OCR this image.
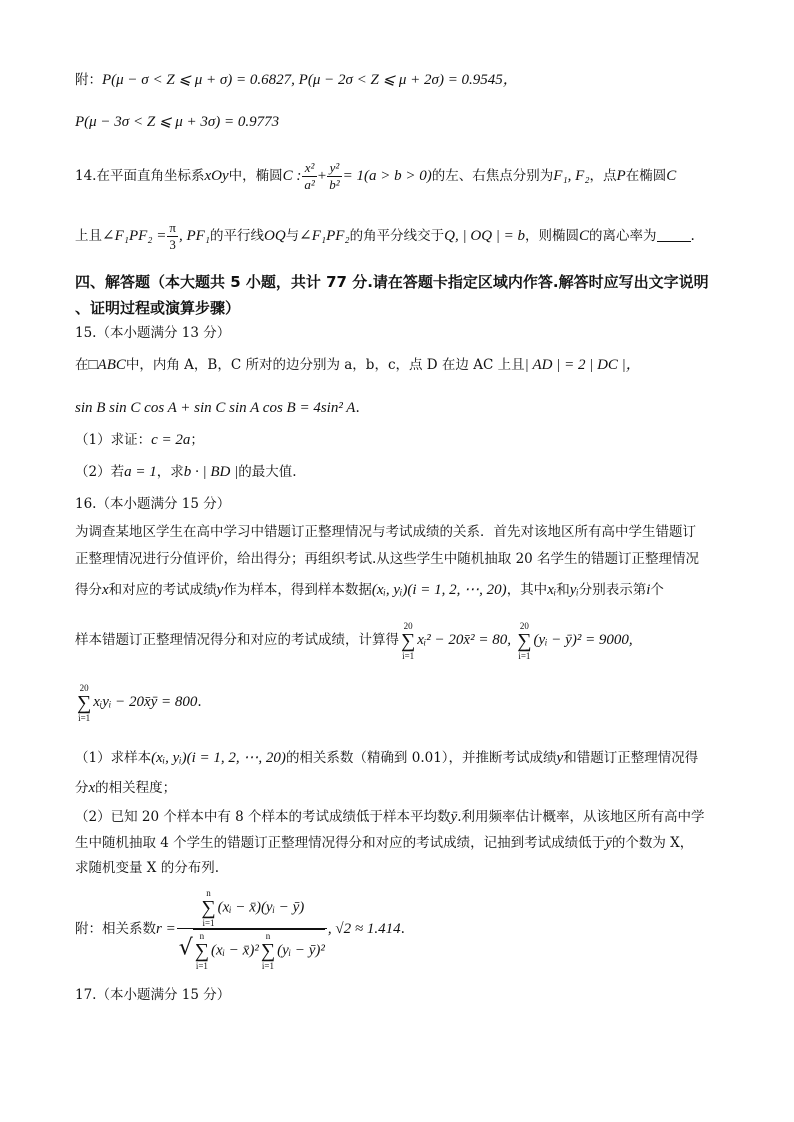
附：P(μ − σ < Z ⩽ μ + σ) = 0.6827, P(μ − 2σ < Z ⩽ μ + 2σ) = 0.9545，
P(μ − 3σ < Z ⩽ μ + 3σ) = 0.9773
14.在平面直角坐标系xOy中，椭圆C : $\frac{\text{x²}}{\text{a²}} + \frac{\text{y²}}{\text{b²}} = 1(a > b > 0)$的左、右焦点分别为F₁, F₂，点P在椭圆C
上且∠F₁PF₂ = $\frac{\pi}{3}$ , PF₁的平行线OQ与∠F₁PF₂的角平分线交于Q, | OQ | = b，则椭圆C的离心率为	.
四、解答题（本大题共 5 小题，共计 77 分.请在答题卡指定区域内作答.解答时应写出文字说明
、证明过程或演算步骤）
15.（本小题满分 13 分）
在□ABC中，内角 A，B，C 所对的边分别为 a，b，c，点 D 在边 AC 上且| AD | = 2 | DC |，
sin B sin C cos A + sin C sin A cos B = 4sin² A.
（1）求证：c = 2a；
（2）若a = 1，求b · | BD |的最大值.
16.（本小题满分 15 分）
为调查某地区学生在高中学习中错题订正整理情况与考试成绩的关系．首先对该地区所有高中学生错题订
正整理情况进行分值评价，给出得分；再组织考试.从这些学生中随机抽取 20 名学生的错题订正整理情况
得分x和对应的考试成绩y作为样本，得到样本数据(xᵢ, yᵢ)(i = 1, 2, ⋯, 20)，其中xᵢ和yᵢ分别表示第i个
样本错题订正整理情况得分和对应的考试成绩，计算得
20
∑
i=1
xᵢ² − 20x̄² = 80,
20
∑
i=1
(yᵢ − ȳ)² = 9000,
20
∑
i=1
xᵢyᵢ − 20x̄ȳ = 800.
（1）求样本(xᵢ, yᵢ)(i = 1, 2, ⋯, 20)的相关系数（精确到 0.01），并推断考试成绩y和错题订正整理情况得
分x的相关程度；
（2）已知 20 个样本中有 8 个样本的考试成绩低于样本平均数ȳ.利用频率估计概率，从该地区所有高中学
生中随机抽取 4 个学生的错题订正整理情况得分和对应的考试成绩，记抽到考试成绩低于ȳ的个数为 X，
求随机变量 X 的分布列.
附：相关系数r = n
∑
i=1
(xᵢ − x̄)(yᵢ − ȳ)
√ n
∑
i=1
(xᵢ − x̄)²
n
∑
i=1
(yᵢ − ȳ)² , √2 ≈ 1.414.
17.（本小题满分 15 分）
